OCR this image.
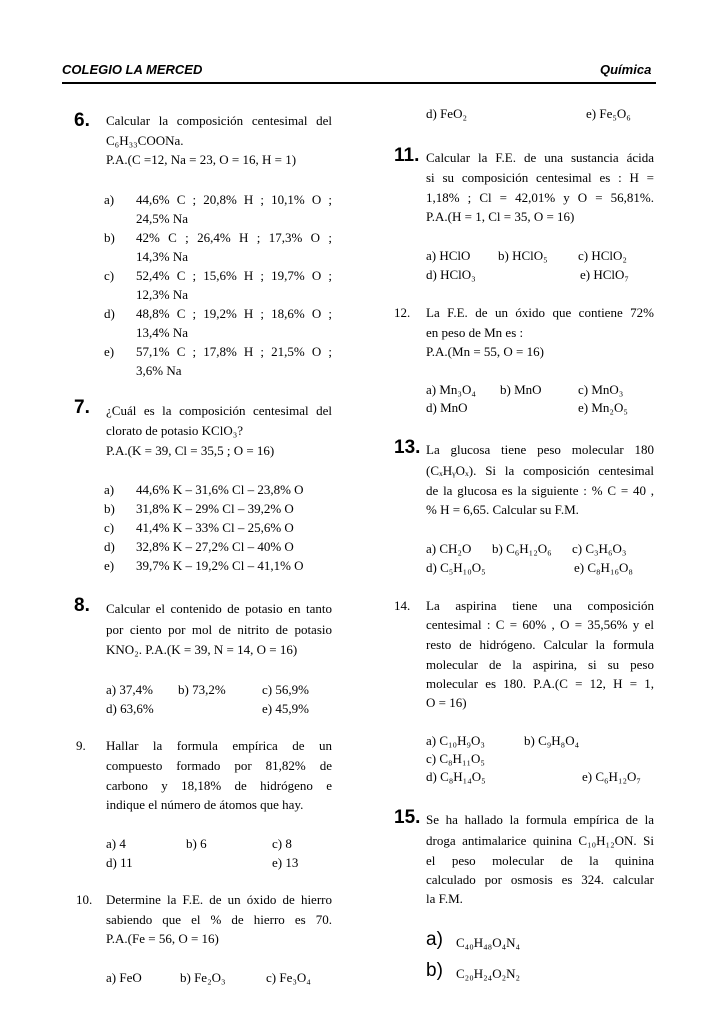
COLEGIO LA MERCED	Química
6. Calcular la composición centesimal del
C₆H₃₃COONa.
P.A.(C =12, Na = 23, O = 16, H = 1)
a) 44,6% C ; 20,8% H ; 10,1% O ;
24,5% Na
b) 42% C ; 26,4% H ; 17,3% O ;
14,3% Na
c) 52,4% C ; 15,6% H ; 19,7% O ;
12,3% Na
d) 48,8% C ; 19,2% H ; 18,6% O ;
13,4% Na
e) 57,1% C ; 17,8% H ; 21,5% O ;
3,6% Na
7. ¿Cuál es la composición centesimal del
clorato de potasio KClO₃?
P.A.(K = 39, Cl = 35,5 ; O = 16)
a) 44,6% K – 31,6% Cl – 23,8% O
b) 31,8% K – 29% Cl – 39,2% O
c) 41,4% K – 33% Cl – 25,6% O
d) 32,8% K – 27,2% Cl – 40% O
e) 39,7% K – 19,2% Cl – 41,1% O
8. Calcular el contenido de potasio en tanto
por ciento por mol de nitrito de potasio
KNO₂. P.A.(K = 39, N = 14, O = 16)
a) 37,4% b) 73,2%	c) 56,9%
d) 63,6%	e) 45,9%
9. Hallar la formula empírica de un
compuesto formado por 81,82% de
carbono y 18,18% de hidrógeno e
indique el número de átomos que hay.
a) 4	b) 6	c) 8
d) 11	e) 13
10. Determine la F.E. de un óxido de hierro
sabiendo que el % de hierro es 70.
P.A.(Fe = 56, O = 16)
a) FeO	b) Fe₂O₃	c) Fe₃O₄
d) FeO₂	e) Fe₅O₆
11. Calcular la F.E. de una sustancia ácida
si su composición centesimal es : H =
1,18% ; Cl = 42,01% y O = 56,81%.
P.A.(H = 1, Cl = 35, O = 16)
a) HClO b) HClO₅ c) HClO₂
d) HClO₃	e) HClO₇
12. La F.E. de un óxido que contiene 72%
en peso de Mn es :
P.A.(Mn = 55, O = 16)
a) Mn₃O₄ b) MnO	c) MnO₃
d) MnO	e) Mn₂O₅
13. La glucosa tiene peso molecular 180
(CₓHᵧOₓ). Si la composición centesimal
de la glucosa es la siguiente : % C = 40 ,
% H = 6,65. Calcular su F.M.
a) CH₂O b) C₆H₁₂O₆ c) C₃H₆O₃
d) C₅H₁₀O₅	e) C₈H₁₆O₈
14. La aspirina tiene una composición
centesimal : C = 60% , O = 35,56% y el
resto de hidrógeno. Calcular la formula
molecular de la aspirina, si su peso
molecular es 180. P.A.(C = 12, H = 1,
O = 16)
a) C₁₀H₉O₃	b) C₉H₈O₄
c) C₈H₁₁O₅
d) C₈H₁₄O₅	e) C₆H₁₂O₇
15. Se ha hallado la formula empírica de la
droga antimalarice quinina C₁₀H₁₂ON. Si
el peso molecular de la quinina
calculado por osmosis es 324. calcular
la F.M.
a) C₄₀H₄₈O₄N₄
b) C₂₀H₂₄O₂N₂
